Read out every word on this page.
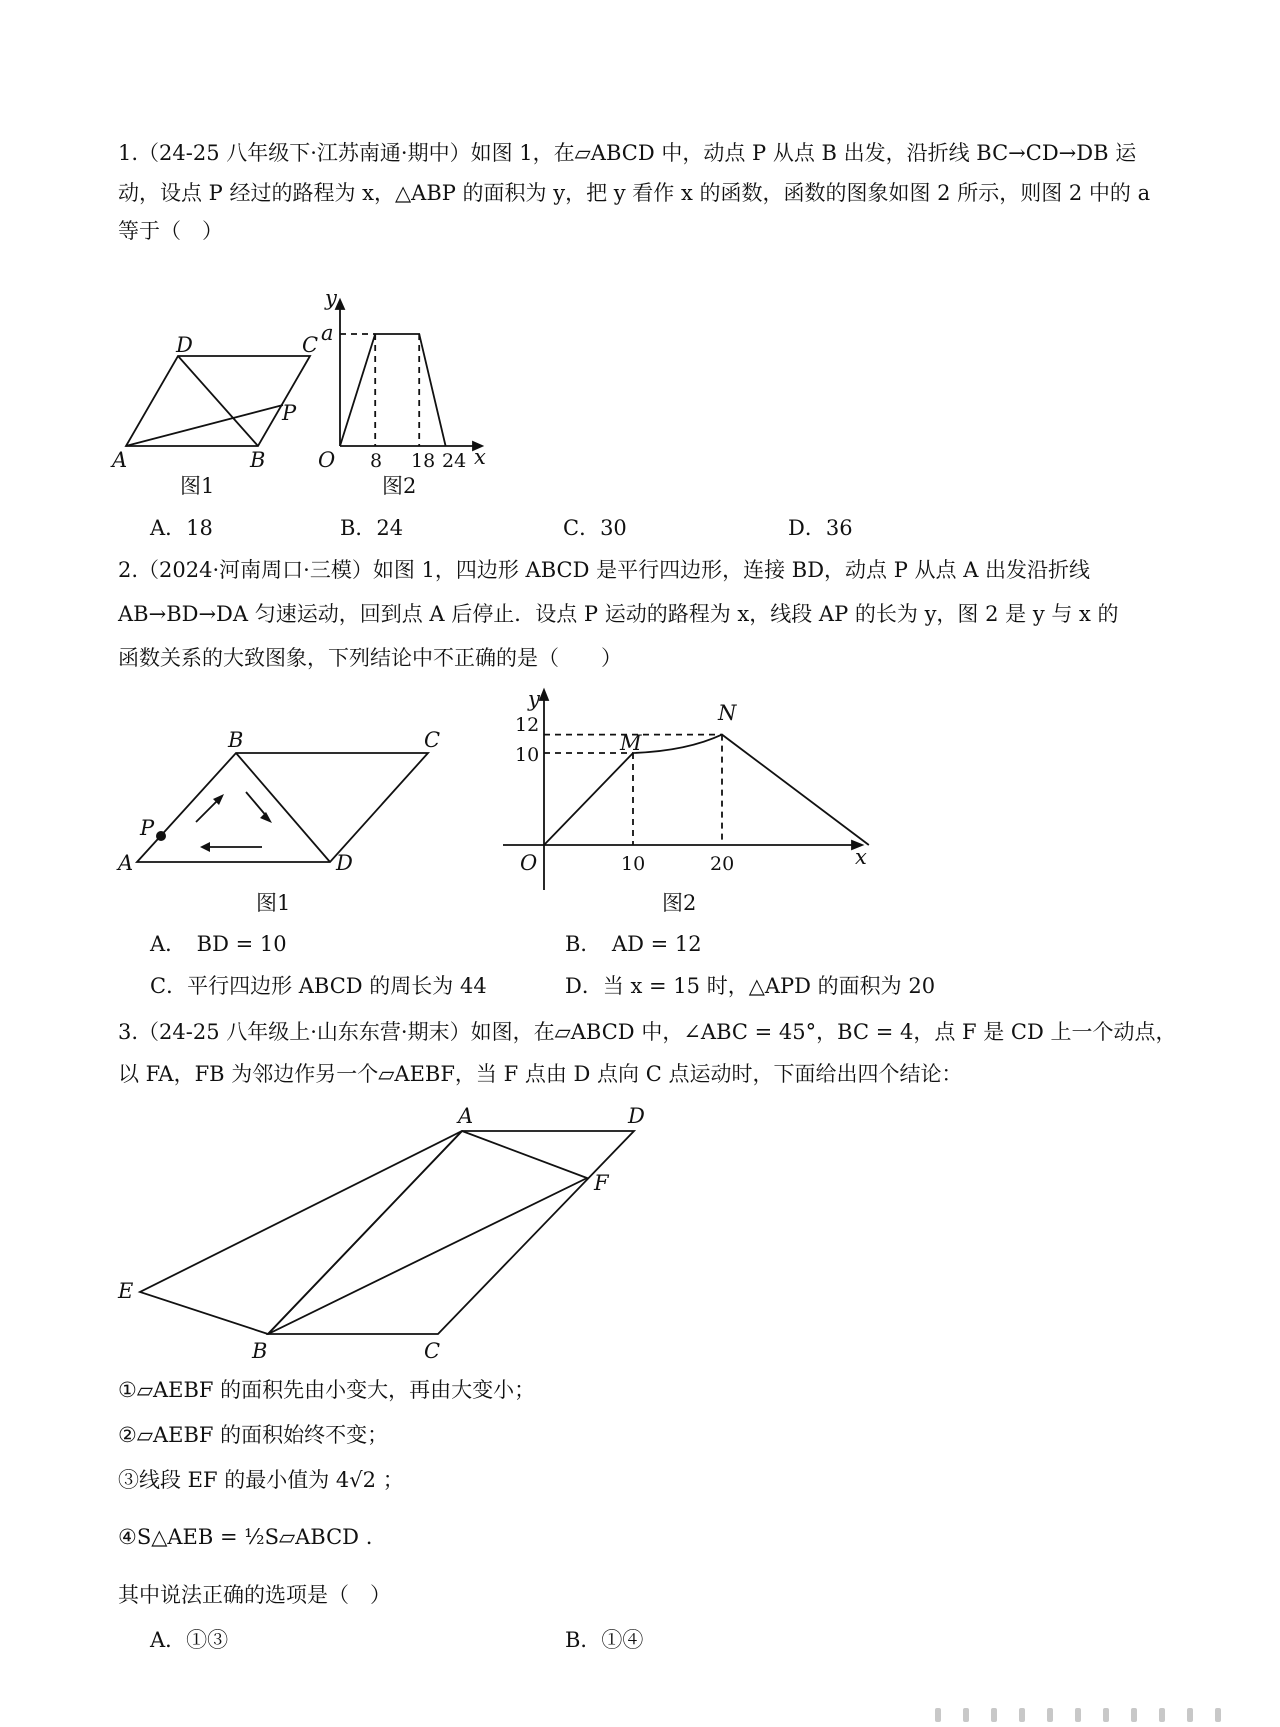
1.（24-25 八年级下·江苏南通·期中）如图 1，在▱ABCD 中，动点 P 从点 B 出发，沿折线 BC→CD→DB 运
动，设点 P 经过的路程为 x，△ABP 的面积为 y，把 y 看作 x 的函数，函数的图象如图 2 所示，则图 2 中的 a
等于（　）
A	B
C
D
P
y
x
a
O 8 18 24
图1	图2
A．18	B．24	C．30	D．36
2.（2024·河南周口·三模）如图 1，四边形 ABCD 是平行四边形，连接 BD，动点 P 从点 A 出发沿折线
AB→BD→DA 匀速运动，回到点 A 后停止．设点 P 运动的路程为 x，线段 AP 的长为 y，图 2 是 y 与 x 的
函数关系的大致图象，下列结论中不正确的是（　　）
A
B	C
D
P
y
x
O
M
N
12
10
10	20
图1	图2
A．　BD = 10	B．　AD = 12
C．平行四边形 ABCD 的周长为 44	D．当 x = 15 时，△APD 的面积为 20
3.（24-25 八年级上·山东东营·期末）如图，在▱ABCD 中，∠ABC = 45°，BC = 4，点 F 是 CD 上一个动点，
以 FA，FB 为邻边作另一个▱AEBF，当 F 点由 D 点向 C 点运动时，下面给出四个结论：
A	D
F
E
B	C
①▱AEBF 的面积先由小变大，再由大变小；
②▱AEBF 的面积始终不变；
③线段 EF 的最小值为 4√2 ；
④S△AEB = ½S▱ABCD .
其中说法正确的选项是（　）
A．①③	B．①④
